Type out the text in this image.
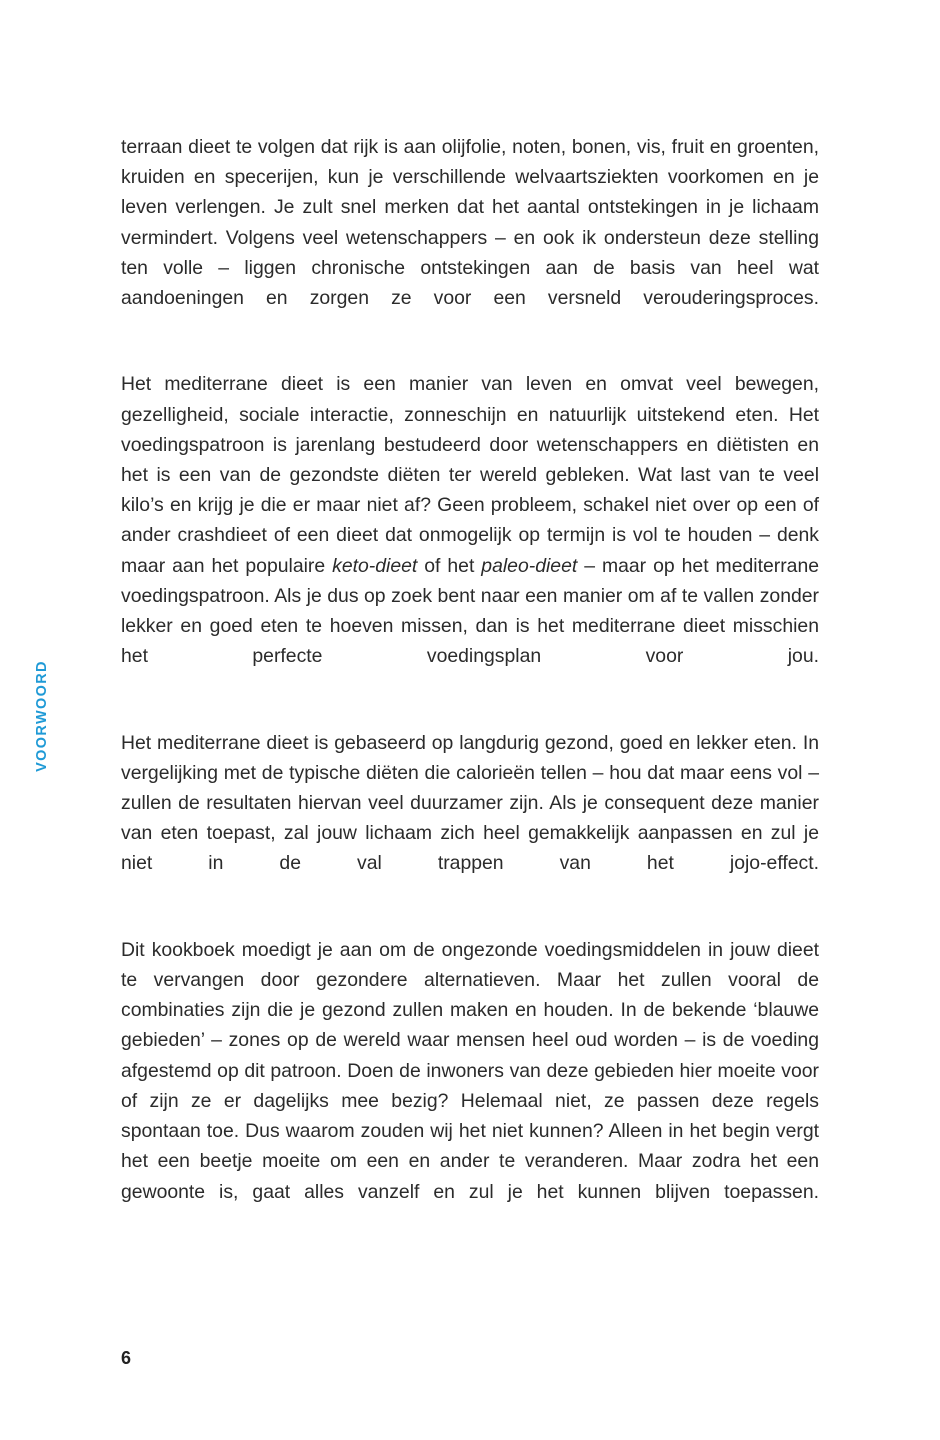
VOORWOORD

terraan dieet te volgen dat rijk is aan olijfolie, noten, bonen, vis, fruit en groenten, kruiden en specerijen, kun je verschillende welvaartsziekten voorkomen en je leven verlengen. Je zult snel merken dat het aantal ontstekingen in je lichaam vermindert. Volgens veel wetenschappers – en ook ik ondersteun deze stelling ten volle – liggen chronische ontstekingen aan de basis van heel wat aandoeningen en zorgen ze voor een versneld verouderingsproces.

Het mediterrane dieet is een manier van leven en omvat veel bewegen, gezelligheid, sociale interactie, zonneschijn en natuurlijk uitstekend eten. Het voedingspatroon is jarenlang bestudeerd door wetenschappers en diëtisten en het is een van de gezondste diëten ter wereld gebleken. Wat last van te veel kilo’s en krijg je die er maar niet af? Geen probleem, schakel niet over op een of ander crashdieet of een dieet dat onmogelijk op termijn is vol te houden – denk maar aan het populaire keto-dieet of het paleo-dieet – maar op het mediterrane voedingspatroon. Als je dus op zoek bent naar een manier om af te vallen zonder lekker en goed eten te hoeven missen, dan is het mediterrane dieet misschien het perfecte voedingsplan voor jou.

Het mediterrane dieet is gebaseerd op langdurig gezond, goed en lekker eten. In vergelijking met de typische diëten die calorieën tellen – hou dat maar eens vol – zullen de resultaten hiervan veel duurzamer zijn. Als je consequent deze manier van eten toepast, zal jouw lichaam zich heel gemakkelijk aanpassen en zul je niet in de val trappen van het jojo-effect.

Dit kookboek moedigt je aan om de ongezonde voedingsmiddelen in jouw dieet te vervangen door gezondere alternatieven. Maar het zullen vooral de combinaties zijn die je gezond zullen maken en houden. In de bekende ‘blauwe gebieden’ – zones op de wereld waar mensen heel oud worden – is de voeding afgestemd op dit patroon. Doen de inwoners van deze gebieden hier moeite voor of zijn ze er dagelijks mee bezig? Helemaal niet, ze passen deze regels spontaan toe. Dus waarom zouden wij het niet kunnen? Alleen in het begin vergt het een beetje moeite om een en ander te veranderen. Maar zodra het een gewoonte is, gaat alles vanzelf en zul je het kunnen blijven toepassen.

6
